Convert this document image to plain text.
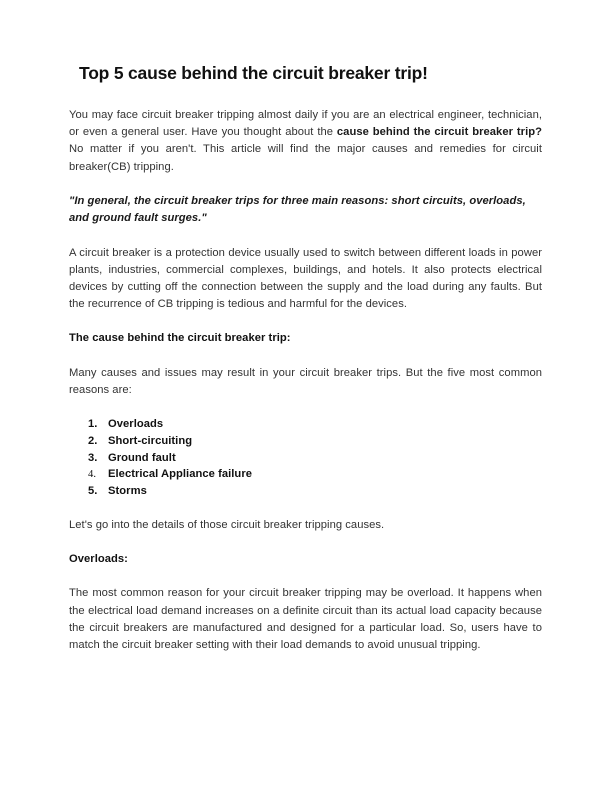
Top 5 cause behind the circuit breaker trip!

You may face circuit breaker tripping almost daily if you are an electrical engineer, technician, or even a general user. Have you thought about the cause behind the circuit breaker trip? No matter if you aren't. This article will find the major causes and remedies for circuit breaker(CB) tripping.

"In general, the circuit breaker trips for three main reasons: short circuits, overloads, and ground fault surges."

A circuit breaker is a protection device usually used to switch between different loads in power plants, industries, commercial complexes, buildings, and hotels. It also protects electrical devices by cutting off the connection between the supply and the load during any faults. But the recurrence of CB tripping is tedious and harmful for the devices.

The cause behind the circuit breaker trip:

Many causes and issues may result in your circuit breaker trips. But the five most common reasons are:

1. Overloads
2. Short-circuiting
3. Ground fault
4.	Electrical Appliance failure
5. Storms

Let's go into the details of those circuit breaker tripping causes.

Overloads:

The most common reason for your circuit breaker tripping may be overload. It happens when the electrical load demand increases on a definite circuit than its actual load capacity because the circuit breakers are manufactured and designed for a particular load. So, users have to match the circuit breaker setting with their load demands to avoid unusual tripping.
